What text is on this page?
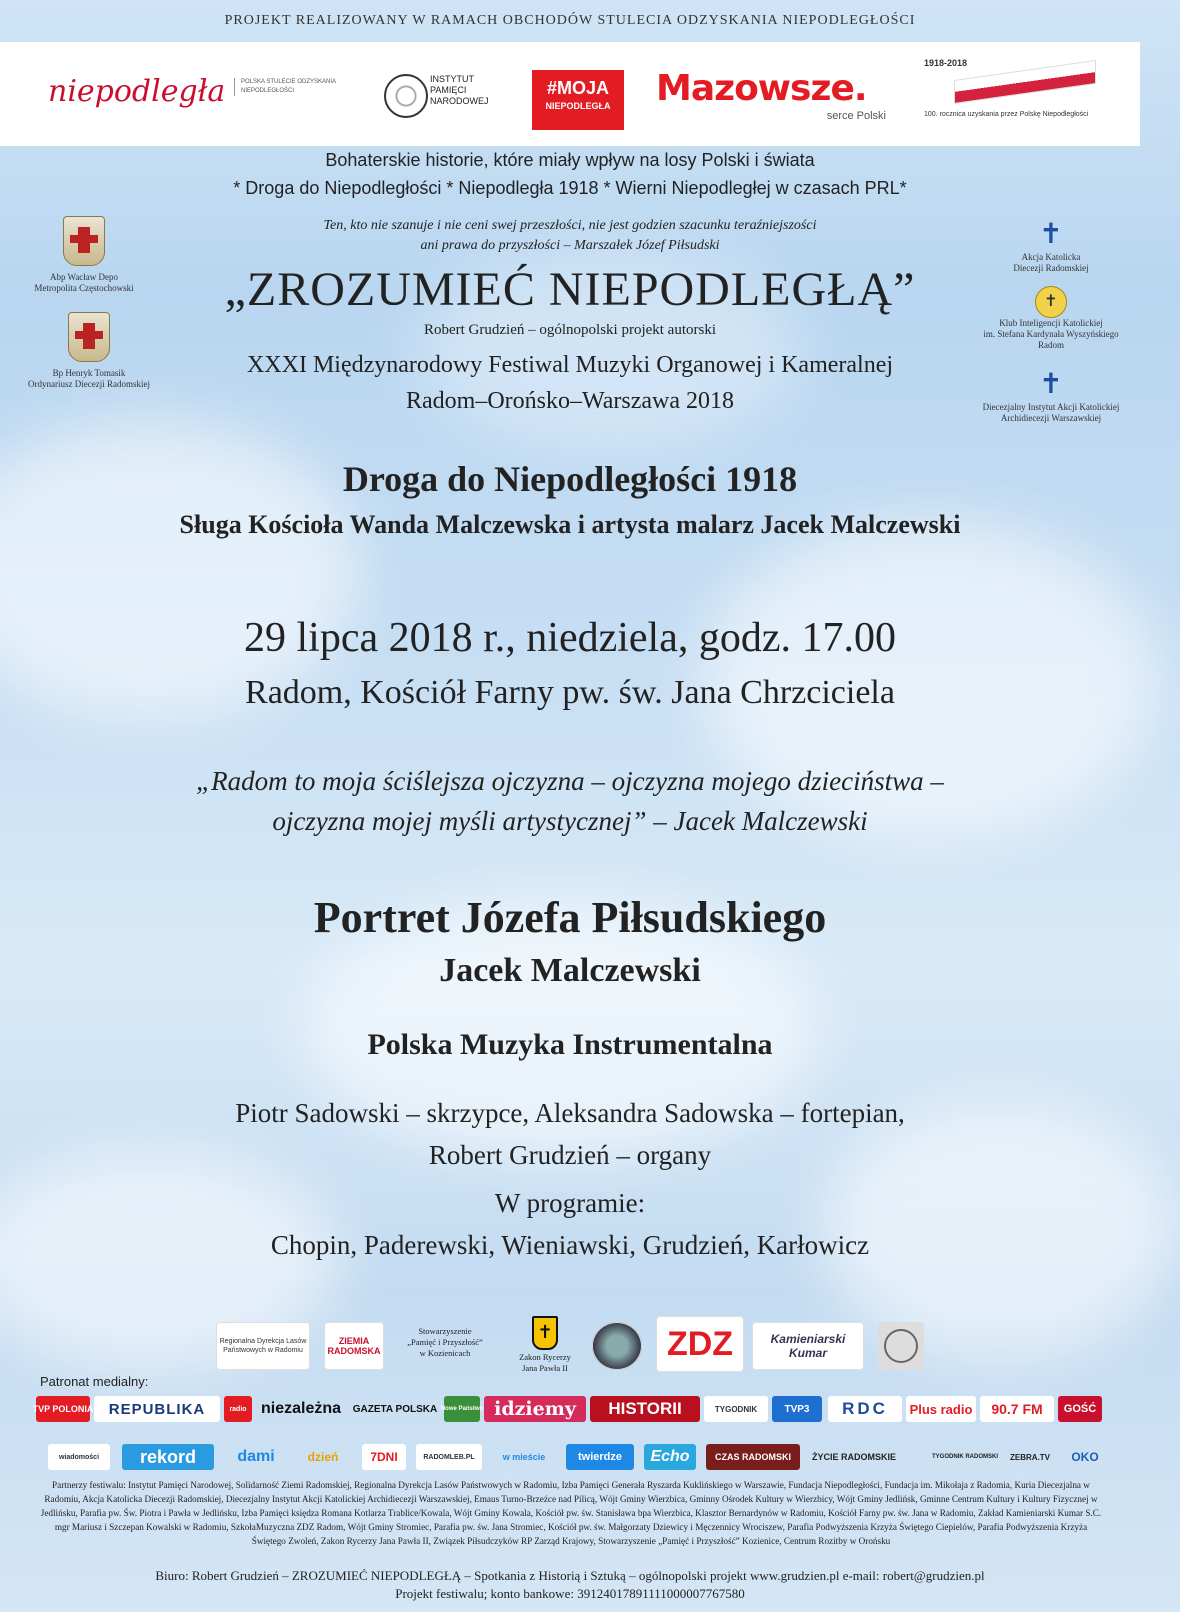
PROJEKT REALIZOWANY W RAMACH OBCHODÓW STULECIA ODZYSKANIA NIEPODLEGŁOŚCI
niepodległa	POLSKA STULECIE ODZYSKANIA NIEPODLEGŁOŚCI
INSTYTUT
PAMIĘCI
NARODOWEJ
#MOJA
NIEPODLEGŁA	Mazowsze.
serce Polski
1918-2018
100. rocznica uzyskania przez Polskę Niepodległości
Bohaterskie historie, które miały wpływ na losy Polski i świata
* Droga do Niepodległości * Niepodległa 1918 * Wierni Niepodległej w czasach PRL*
Ten, kto nie szanuje i nie ceni swej przeszłości, nie jest godzien szacunku teraźniejszości
ani prawa do przyszłości – Marszałek Józef Piłsudski
Abp Wacław Depo
Metropolita Częstochowski
Bp Henryk Tomasik
Ordynariusz Diecezji Radomskiej
✝
Akcja Katolicka
Diecezji Radomskiej
✝
Klub Inteligencji Katolickiej
im. Stefana Kardynała Wyszyńskiego
Radom
✝
Diecezjalny Instytut Akcji Katolickiej
Archidiecezji Warszawskiej
„ZROZUMIEĆ NIEPODLEGŁĄ”
Robert Grudzień – ogólnopolski projekt autorski
XXXI Międzynarodowy Festiwal Muzyki Organowej i Kameralnej
Radom–Orońsko–Warszawa 2018
Droga do Niepodległości 1918
Sługa Kościoła Wanda Malczewska i artysta malarz Jacek Malczewski
29 lipca 2018 r., niedziela, godz. 17.00
Radom, Kościół Farny pw. św. Jana Chrzciciela
„Radom to moja ściślejsza ojczyzna – ojczyzna mojego dzieciństwa –
ojczyzna mojej myśli artystycznej” – Jacek Malczewski
Portret Józefa Piłsudskiego
Jacek Malczewski
Polska Muzyka Instrumentalna
Piotr Sadowski – skrzypce, Aleksandra Sadowska – fortepian,
Robert Grudzień – organy
W programie:
Chopin, Paderewski, Wieniawski, Grudzień, Karłowicz
Regionalna Dyrekcja Lasów Państwowych w Radomiu
ZIEMIA RADOMSKA
Stowarzyszenie
„Pamięć i Przyszłość”
w Kozienicach
✝
Zakon Rycerzy
Jana Pawła II
ZDZ	Kamieniarski Kumar
Patronat medialny:
TVP POLONIA	REPUBLIKA	radio niezależna	GAZETA POLSKA Nowe Państwo idziemy	HISTORII	TYGODNIK	TVP3	RDC	Plus radio	90.7 FM	GOŚĆ
wiadomości	rekord	dami	dzień	7DNI	RADOMLEB.PL	w mieście	twierdze	Echo	CZAS RADOMSKI	ŻYCIE RADOMSKIE	TYGODNIK RADOMSKI	ZEBRA.TV	OKO
Partnerzy festiwalu: Instytut Pamięci Narodowej, Solidarność Ziemi Radomskiej, Regionalna Dyrekcja Lasów Państwowych w Radomiu, Izba Pamięci Generała Ryszarda Kuklińskiego w Warszawie, Fundacja Niepodległości, Fundacja im. Mikołaja z Radomia, Kuria Diecezjalna w Radomiu, Akcja Katolicka Diecezji Radomskiej, Diecezjalny Instytut Akcji Katolickiej Archidiecezji Warszawskiej, Emaus Turno-Brzeźce nad Pilicą, Wójt Gminy Wierzbica, Gminny Ośrodek Kultury w Wierzbicy, Wójt Gminy Jedlińsk, Gminne Centrum Kultury i Kultury Fizycznej w Jedlińsku, Parafia pw. Św. Piotra i Pawła w Jedlińsku, Izba Pamięci księdza Romana Kotlarza Trablice/Kowala, Wójt Gminy Kowala, Kościół pw. św. Stanisława bpa Wierzbica, Klasztor Bernardynów w Radomiu, Kościół Farny pw. św. Jana w Radomiu, Zakład Kamieniarski Kumar S.C. mgr Mariusz i Szczepan Kowalski w Radomiu, SzkołaMuzyczna ZDZ Radom, Wójt Gminy Stromiec, Parafia pw. św. Jana Stromiec, Kościół pw. św. Małgorzaty Dziewicy i Męczennicy Wrociszew, Parafia Podwyższenia Krzyża Świętego Ciepielów, Parafia Podwyższenia Krzyża Świętego Zwoleń, Zakon Rycerzy Jana Pawła II, Związek Piłsudczyków RP Zarząd Krajowy, Stowarzyszenie „Pamięć i Przyszłość” Kozienice, Centrum Rozitby w Orońsku
Biuro: Robert Grudzień – ZROZUMIEĆ NIEPODLEGŁĄ – Spotkania z Historią i Sztuką – ogólnopolski projekt www.grudzien.pl e-mail: robert@grudzien.pl
Projekt festiwalu; konto bankowe: 39124017891111000007767580
